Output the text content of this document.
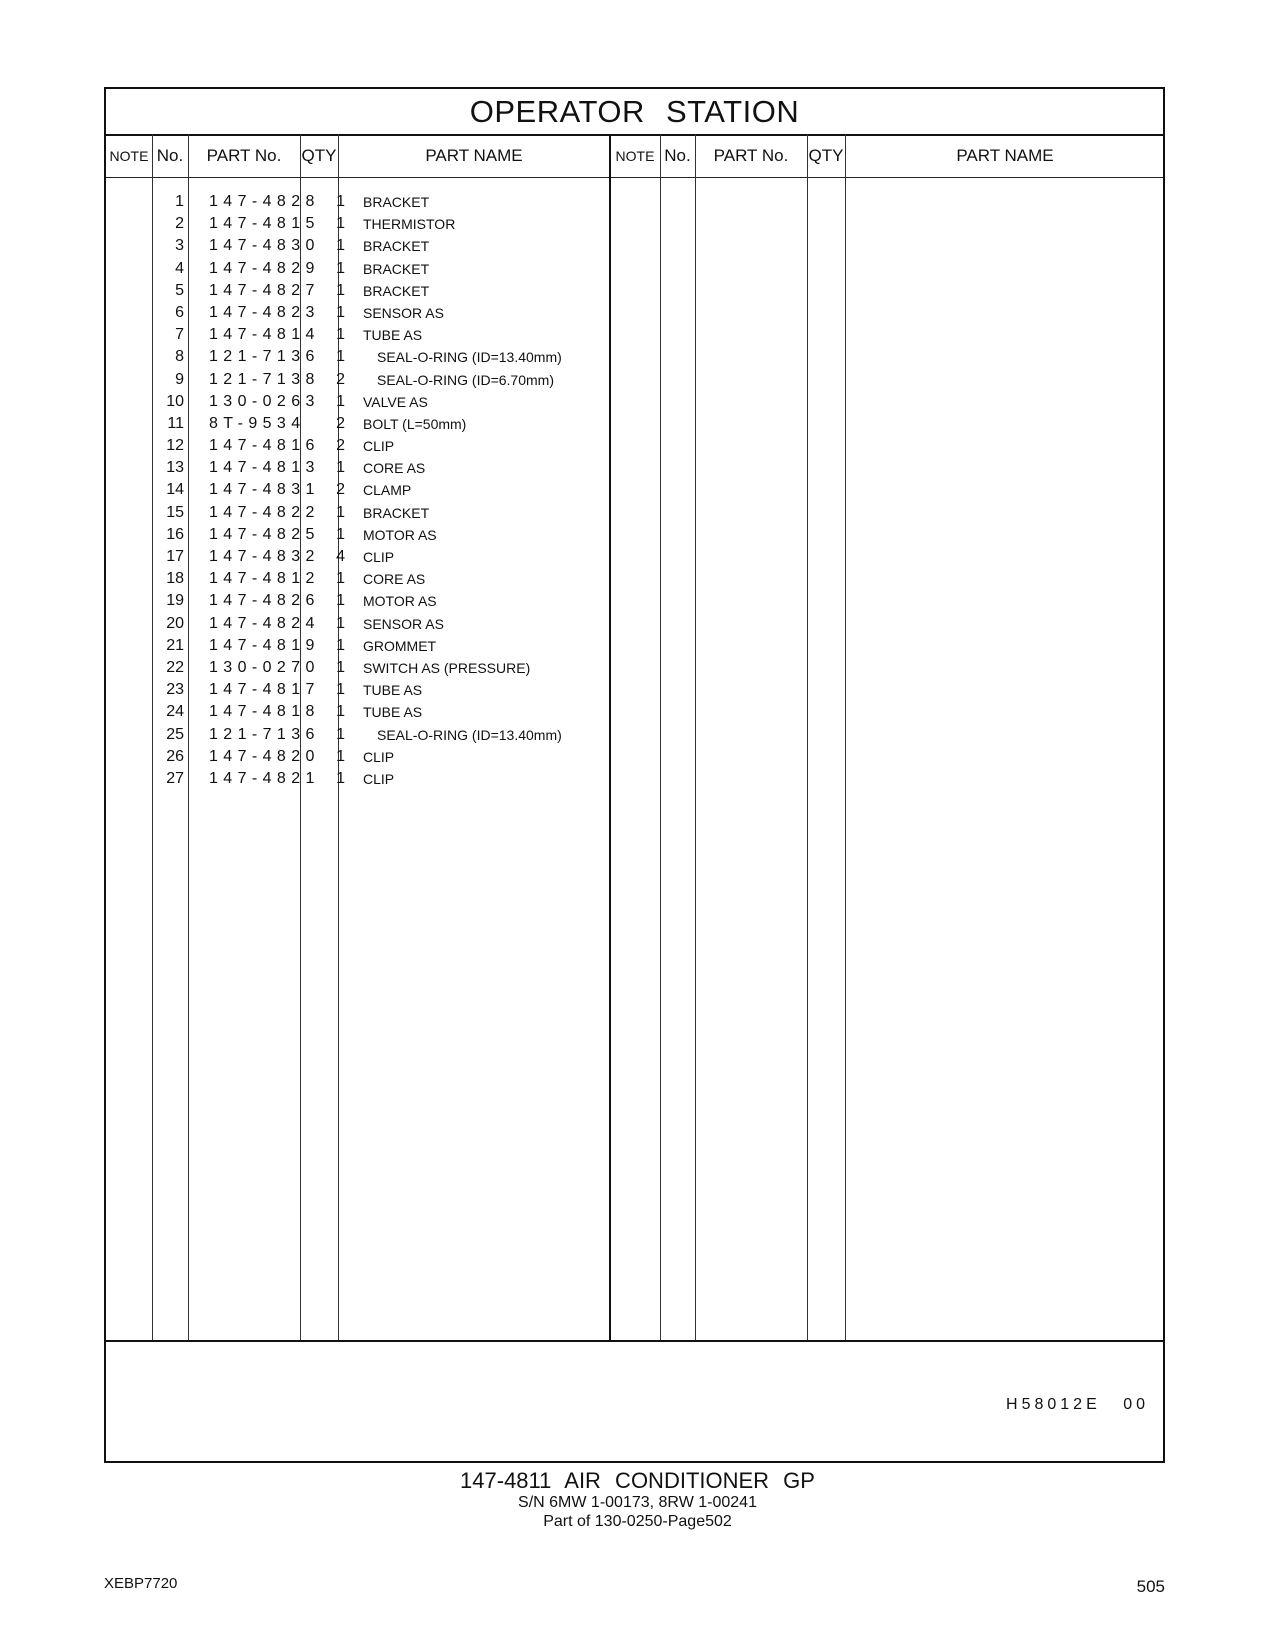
OPERATOR STATION
NOTE No.	PART No.	QTY	PART NAME	NOTE No.	PART No.	QTY	PART NAME
1 147-4828	1 BRACKET
2 147-4815	1 THERMISTOR
3 147-4830	1 BRACKET
4 147-4829	1 BRACKET
5 147-4827	1 BRACKET
6 147-4823	1 SENSOR AS
7 147-4814	1 TUBE AS
8 121-7136	1 SEAL-O-RING (ID=13.40mm)
9 121-7138	2 SEAL-O-RING (ID=6.70mm)
10 130-0263	1 VALVE AS
11 8T-9534	2 BOLT (L=50mm)
12 147-4816	2 CLIP
13 147-4813	1 CORE AS
14 147-4831	2 CLAMP
15 147-4822	1 BRACKET
16 147-4825	1 MOTOR AS
17 147-4832	4 CLIP
18 147-4812	1 CORE AS
19 147-4826	1 MOTOR AS
20 147-4824	1 SENSOR AS
21 147-4819	1 GROMMET
22 130-0270	1 SWITCH AS (PRESSURE)
23 147-4817	1 TUBE AS
24 147-4818	1 TUBE AS
25 121-7136	1 SEAL-O-RING (ID=13.40mm)
26 147-4820	1 CLIP
27 147-4821	1 CLIP
H58012E 00
147-4811 AIR CONDITIONER GP
S/N 6MW 1-00173, 8RW 1-00241
Part of 130-0250-Page502
XEBP7720	505
